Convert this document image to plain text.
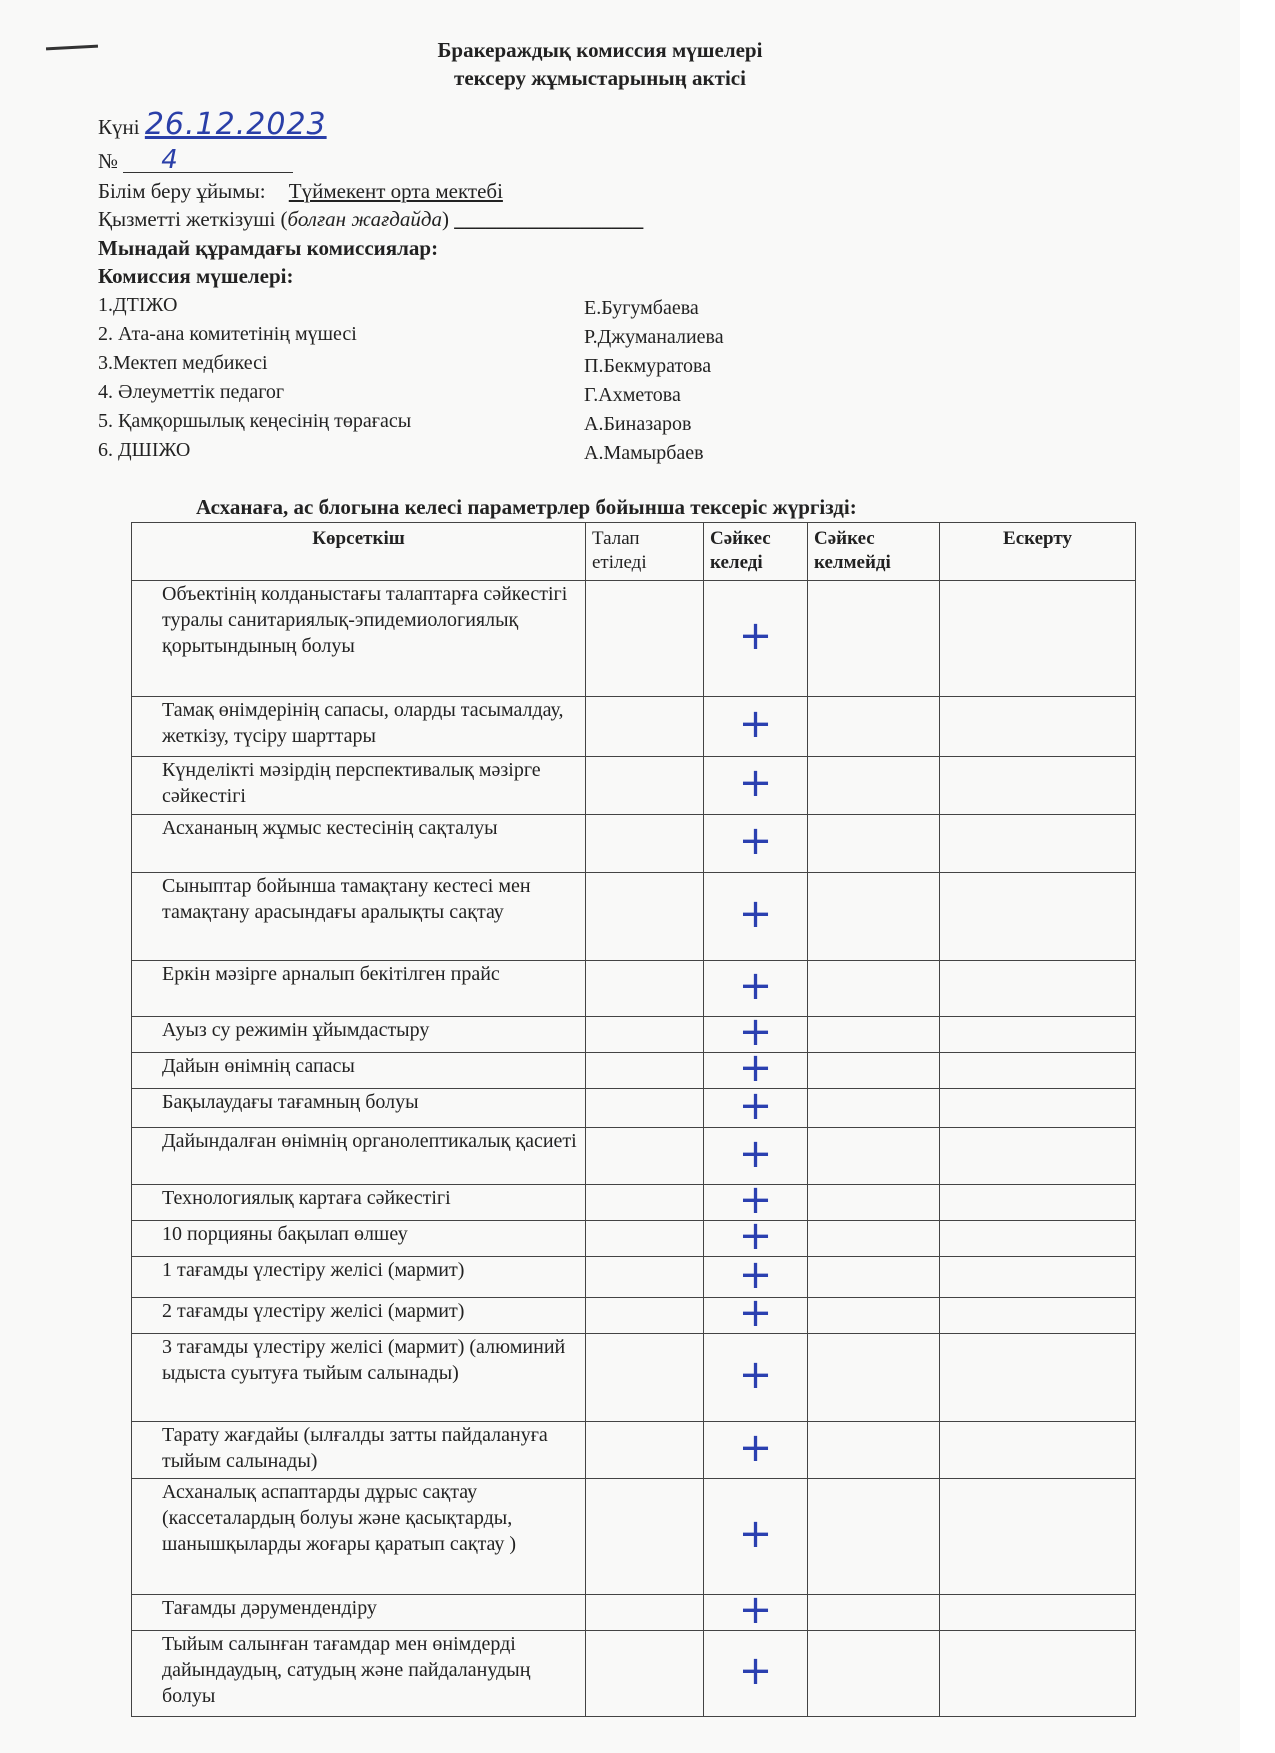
Бракераждық комиссия мүшелері
тексеру жұмыстарының актісі
Күні 26.12.2023
№ 4
Білім беру ұйымы: Түймекент орта мектебі
Қызметті жеткізуші (болған жағдайда) __________________
Мынадай құрамдағы комиссиялар:
Комиссия мүшелері:
1.ДТІЖО	Е.Бугумбаева
2. Ата-ана комитетінің мүшесі	Р.Джуманалиева
3.Мектеп медбикесі	П.Бекмуратова
4. Әлеуметтік педагог	Г.Ахметова
5. Қамқоршылық кеңесінің төрағасы	А.Биназаров
6. ДШІЖО	А.Мамырбаев
Асханаға, ас блогына келесі параметрлер бойынша тексеріс жүргізді:
Көрсеткіш	Талап етіледі	Сәйкес келеді	Сәйкес келмейді	Ескерту
Объектінің колданыстағы талаптарға сәйкестігі туралы санитариялық-эпидемиологиялық қорытындының болуы		+		
Тамақ өнімдерінің сапасы, оларды тасымалдау, жеткізу, түсіру шарттары		+		
Күнделікті мәзірдің перспективалық мәзірге сәйкестігі		+		
Асхананың жұмыс кестесінің сақталуы		+		
Сыныптар бойынша тамақтану кестесі мен тамақтану арасындағы аралықты сақтау		+		
Еркін мәзірге арналып бекітілген прайс		+		
Ауыз су режимін ұйымдастыру		+		
Дайын өнімнің сапасы		+		
Бақылаудағы тағамның болуы		+		
Дайындалған өнімнің органолептикалық қасиеті		+		
Технологиялық картаға сәйкестігі		+		
10 порцияны бақылап өлшеу		+		
1 тағамды үлестіру желісі (мармит)		+		
2 тағамды үлестіру желісі (мармит)		+		
3 тағамды үлестіру желісі (мармит) (алюминий ыдыста суытуға тыйым салынады)		+		
Тарату жағдайы (ылғалды затты пайдалануға тыйым салынады)		+		
Асханалық аспаптарды дұрыс сақтау (кассеталардың болуы және қасықтарды, шанышқыларды жоғары қаратып сақтау )		+		
Тағамды дәрумендендіру		+		
Тыйым салынған тағамдар мен өнімдерді дайындаудың, сатудың және пайдаланудың болуы		+		
